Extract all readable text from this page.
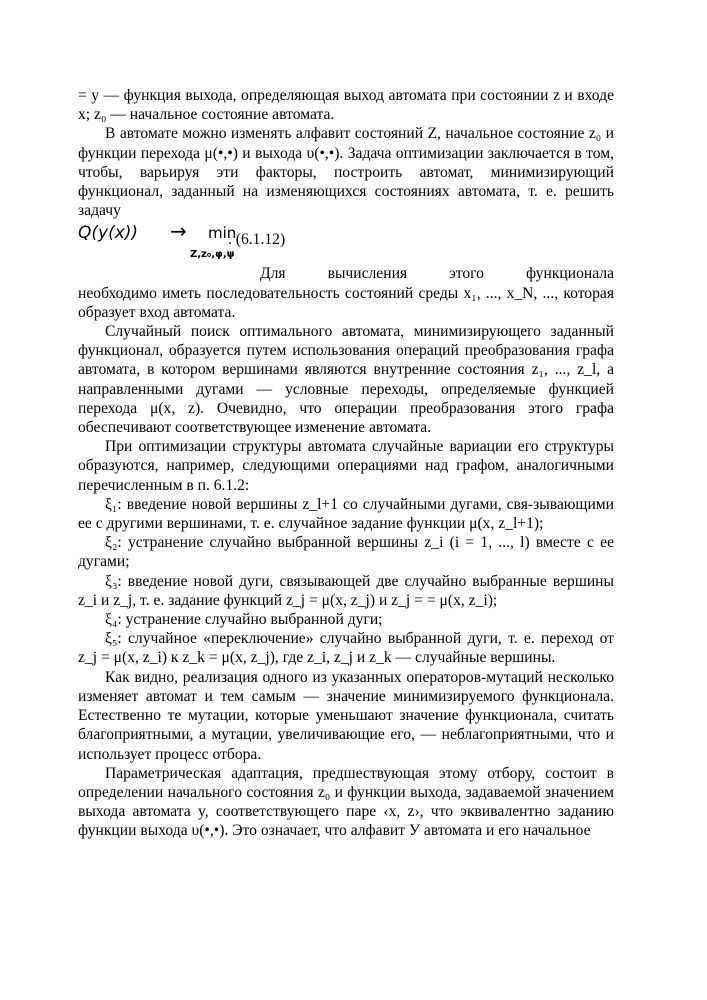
= y — функция выхода, определяющая выход автомата при состоянии z и входе x; z₀ — начальное состояние автомата.

В автомате можно изменять алфавит состояний Z, начальное состояние z₀ и функции перехода μ(•,•) и выхода υ(•,•). Задача оптимизации заключается в том, чтобы, варьируя эти факторы, построить автомат, минимизирующий функционал, заданный на изменяющихся состояниях автомата, т. е. решить задачу

Q(y(x)) → min
Z,z₀,φ,ψ
. (6.1.12)

Для вычисления этого функционала

необходимо иметь последовательность состояний среды x₁, ..., x_N, ..., которая образует вход автомата.

Случайный поиск оптимального автомата, минимизирующего заданный функционал, образуется путем использования операций преобразования графа автомата, в котором вершинами являются внутренние состояния z₁, ..., z_l, а направленными дугами — условные переходы, определяемые функцией перехода μ(x, z). Очевидно, что операции преобразования этого графа обеспечивают соответствующее изменение автомата.

При оптимизации структуры автомата случайные вариации его структуры образуются, например, следующими операциями над графом, аналогичными перечисленным в п. 6.1.2:

ξ₁: введение новой вершины z_l+1 со случайными дугами, свя-зывающими ее с другими вершинами, т. е. случайное задание функции μ(x, z_l+1);

ξ₂: устранение случайно выбранной вершины z_i (i = 1, ..., l) вместе с ее дугами;

ξ₃: введение новой дуги, связывающей две случайно выбранные вершины z_i и z_j, т. е. задание функций z_j = μ(x, z_j) и z_j = = μ(x, z_i);

ξ₄: устранение случайно выбранной дуги;

ξ₅: случайное «переключение» случайно выбранной дуги, т. е. переход от z_j = μ(x, z_i) к z_k = μ(x, z_j), где z_i, z_j и z_k — случайные вершины.

Как видно, реализация одного из указанных операторов-мутаций несколько изменяет автомат и тем самым — значение минимизируемого функционала. Естественно те мутации, которые уменьшают значение функционала, считать благоприятными, а мутации, увеличивающие его, — неблагоприятными, что и использует процесс отбора.

Параметрическая адаптация, предшествующая этому отбору, состоит в определении начального состояния z₀ и функции выхода, задаваемой значением выхода автомата y, соответствующего паре ‹x, z›, что эквивалентно заданию функции выхода υ(•,•). Это означает, что алфавит У автомата и его начальное
